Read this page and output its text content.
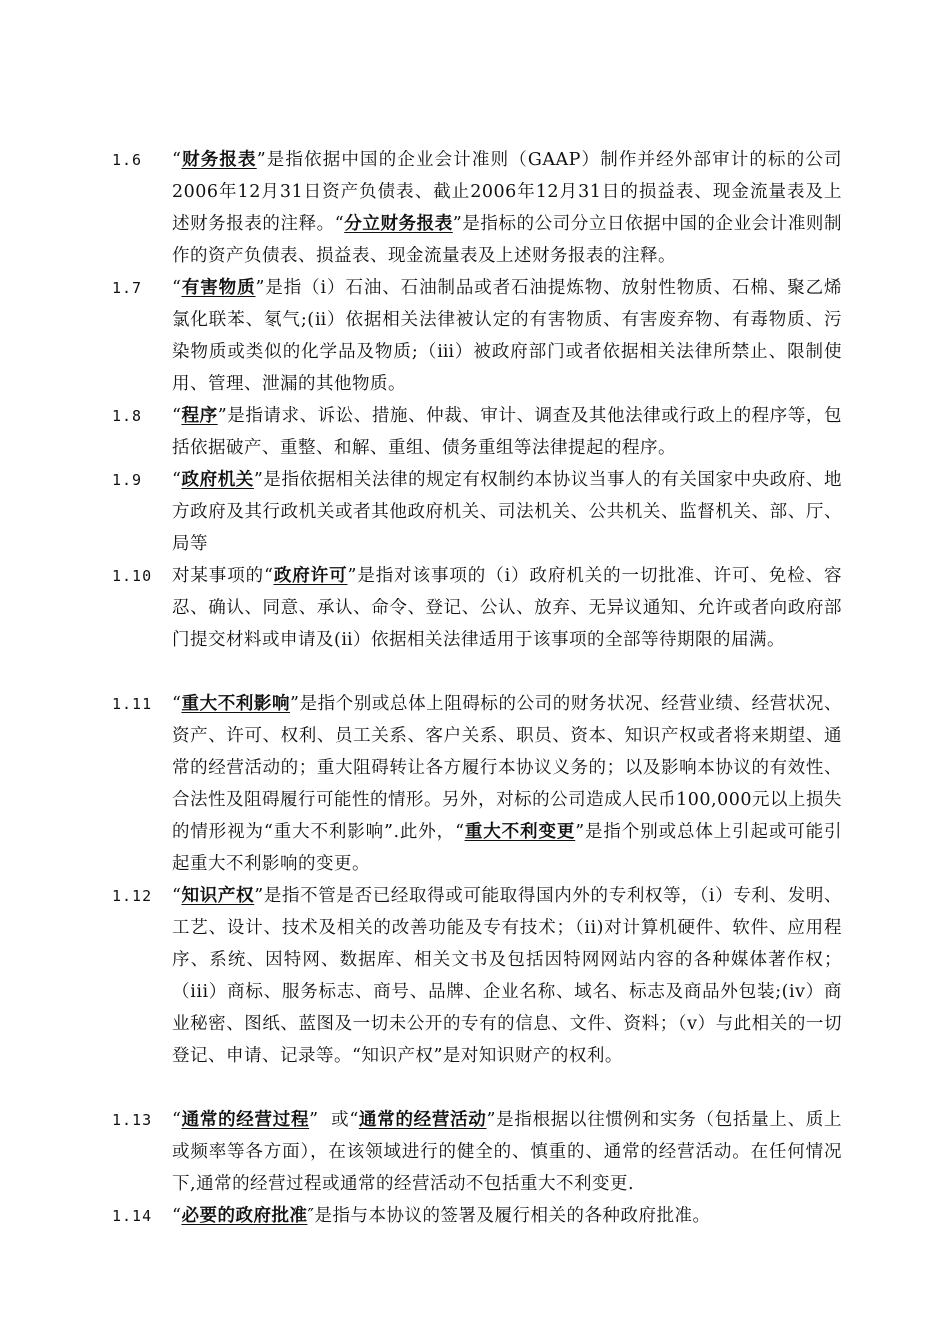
1.6	“财务报表”是指依据中国的企业会计准则（GAAP）制作并经外部审计的标的公司2006年12月31日资产负债表、截止2006年12月31日的损益表、现金流量表及上述财务报表的注释。“分立财务报表”是指标的公司分立日依据中国的企业会计准则制作的资产负债表、损益表、现金流量表及上述财务报表的注释。
1.7	“有害物质”是指（ⅰ）石油、石油制品或者石油提炼物、放射性物质、石棉、聚乙烯氯化联苯、氡气;(ⅱ）依据相关法律被认定的有害物质、有害废弃物、有毒物质、污染物质或类似的化学品及物质;（ⅲ）被政府部门或者依据相关法律所禁止、限制使用、管理、泄漏的其他物质。
1.8	“程序”是指请求、诉讼、措施、仲裁、审计、调查及其他法律或行政上的程序等，包括依据破产、重整、和解、重组、债务重组等法律提起的程序。
1.9	“政府机关”是指依据相关法律的规定有权制约本协议当事人的有关国家中央政府、地方政府及其行政机关或者其他政府机关、司法机关、公共机关、监督机关、部、厅、局等
1.10	对某事项的“政府许可”是指对该事项的（ⅰ）政府机关的一切批准、许可、免检、容忍、确认、同意、承认、命令、登记、公认、放弃、无异议通知、允许或者向政府部门提交材料或申请及(ⅱ）依据相关法律适用于该事项的全部等待期限的届满。
1.11	“重大不利影响”是指个别或总体上阻碍标的公司的财务状况、经营业绩、经营状况、资产、许可、权利、员工关系、客户关系、职员、资本、知识产权或者将来期望、通常的经营活动的；重大阻碍转让各方履行本协议义务的；以及影响本协议的有效性、合法性及阻碍履行可能性的情形。另外，对标的公司造成人民币100,000元以上损失的情形视为“重大不利影响”.此外，“重大不利变更”是指个别或总体上引起或可能引起重大不利影响的变更。
1.12	“知识产权”是指不管是否已经取得或可能取得国内外的专利权等，（i）专利、发明、工艺、设计、技术及相关的改善功能及专有技术；（ii)对计算机硬件、软件、应用程序、系统、因特网、数据库、相关文书及包括因特网网站内容的各种媒体著作权；（iii）商标、服务标志、商号、品牌、企业名称、域名、标志及商品外包装;(iv）商业秘密、图纸、蓝图及一切未公开的专有的信息、文件、资料；（ⅴ）与此相关的一切登记、申请、记录等。“知识产权”是对知识财产的权利。
1.13	“通常的经营过程”  或“通常的经营活动”是指根据以往惯例和实务（包括量上、质上或频率等各方面），在该领域进行的健全的、慎重的、通常的经营活动。在任何情况下,通常的经营过程或通常的经营活动不包括重大不利变更.
1.14	“必要的政府批准″是指与本协议的签署及履行相关的各种政府批准。
